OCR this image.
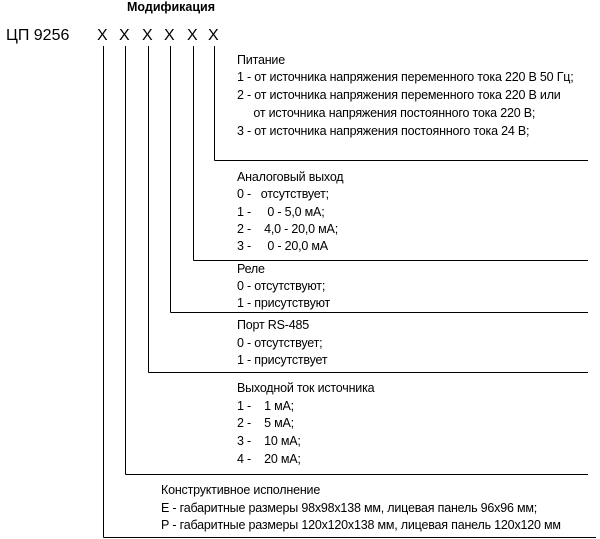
Модификация
ЦП 9256 X X X X X X
Питание
1 - от источника напряжения переменного тока 220 В 50 Гц;
2 - от источника напряжения переменного тока 220 В или
от источника напряжения постоянного тока 220 В;
3 - от источника напряжения постоянного тока 24 В;
Аналоговый выход
0 -   отсутствует;
1 -     0 - 5,0 мА;
2 -    4,0 - 20,0 мА;
3 -     0 - 20,0 мА
Реле
0 - отсутствуют;
1 - присутствуют
Порт RS-485
0 - отсутствует;
1 - присутствует
Выходной ток источника
1 -    1 мА;
2 -    5 мА;
3 -    10 мА;
4 -    20 мА;
Конструктивное исполнение
Е - габаритные размеры 98х98х138 мм, лицевая панель 96х96 мм;
Р - габаритные размеры 120х120х138 мм, лицевая панель 120х120 мм
